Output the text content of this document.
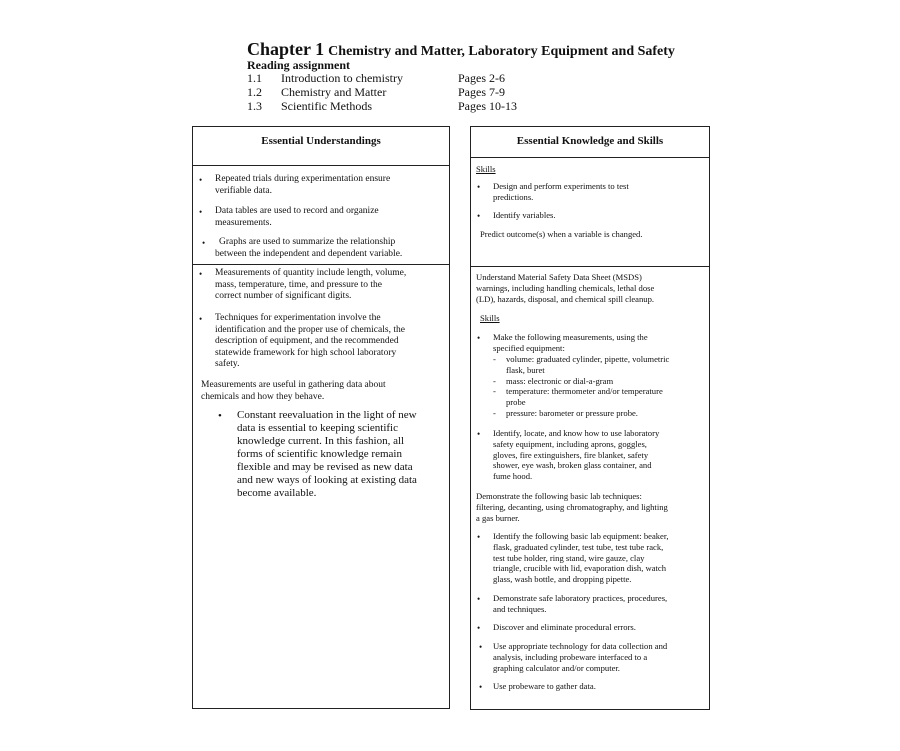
Chapter 1 Chemistry and Matter, Laboratory Equipment and Safety
Reading assignment
1.1 Introduction to chemistry	Pages 2-6
1.2 Chemistry and Matter	Pages 7-9
1.3 Scientific Methods	Pages 10-13
Essential Understandings
• Repeated trials during experimentation ensure
verifiable data.
• Data tables are used to record and organize
measurements.
•	Graphs are used to summarize the relationship
between the independent and dependent variable.
• Measurements of quantity include length, volume,
mass, temperature, time, and pressure to the
correct number of significant digits.
• Techniques for experimentation involve the
identification and the proper use of chemicals, the
description of equipment, and the recommended
statewide framework for high school laboratory
safety.
Measurements are useful in gathering data about
chemicals and how they behave.
• Constant reevaluation in the light of new
data is essential to keeping scientific
knowledge current. In this fashion, all
forms of scientific knowledge remain
flexible and may be revised as new data
and new ways of looking at existing data
become available.
Essential Knowledge and Skills
Skills
• Design and perform experiments to test
predictions.
• Identify variables.
Predict outcome(s) when a variable is changed.
Understand Material Safety Data Sheet (MSDS)
warnings, including handling chemicals, lethal dose
(LD), hazards, disposal, and chemical spill cleanup.
Skills
• Make the following measurements, using the
specified equipment:
- volume: graduated cylinder, pipette, volumetric
flask, buret
- mass: electronic or dial-a-gram
- temperature: thermometer and/or temperature
probe
- pressure: barometer or pressure probe.
• Identify, locate, and know how to use laboratory
safety equipment, including aprons, goggles,
gloves, fire extinguishers, fire blanket, safety
shower, eye wash, broken glass container, and
fume hood.
Demonstrate the following basic lab techniques:
filtering, decanting, using chromatography, and lighting
a gas burner.
• Identify the following basic lab equipment: beaker,
flask, graduated cylinder, test tube, test tube rack,
test tube holder, ring stand, wire gauze, clay
triangle, crucible with lid, evaporation dish, watch
glass, wash bottle, and dropping pipette.
• Demonstrate safe laboratory practices, procedures,
and techniques.
• Discover and eliminate procedural errors.
• Use appropriate technology for data collection and
analysis, including probeware interfaced to a
graphing calculator and/or computer.
• Use probeware to gather data.
